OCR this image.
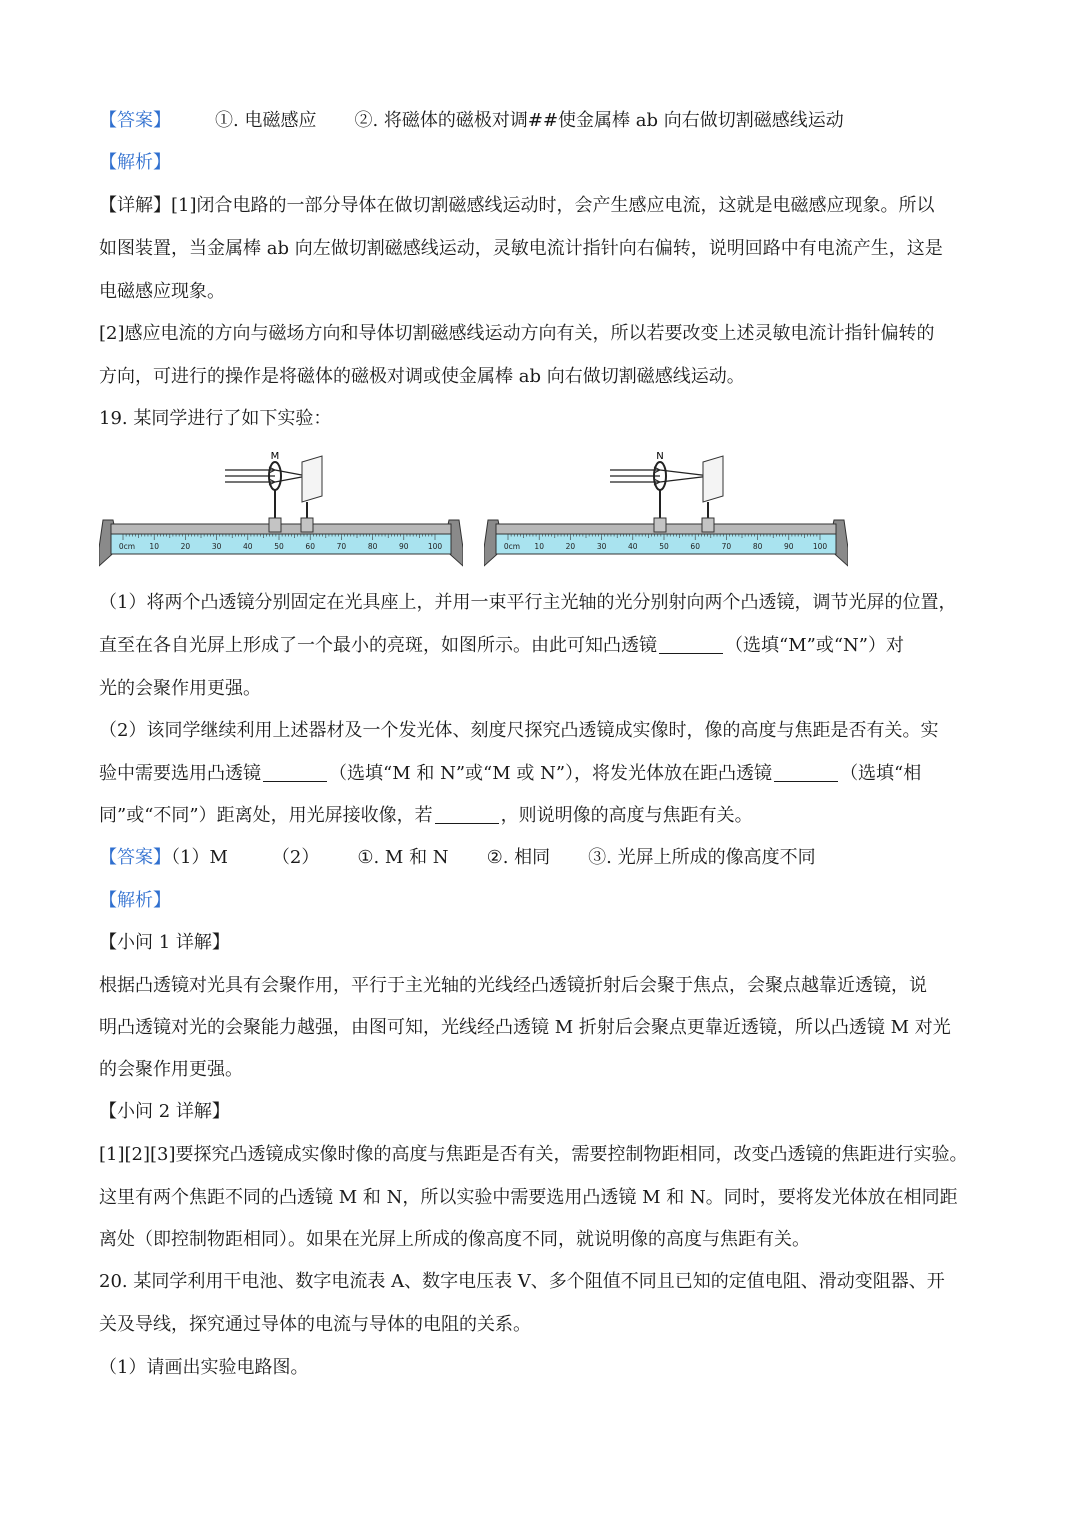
【答案】 ①. 电磁感应 ②. 将磁体的磁极对调##使金属棒 ab 向右做切割磁感线运动
【解析】
【详解】[1]闭合电路的一部分导体在做切割磁感线运动时，会产生感应电流，这就是电磁感应现象。所以
如图装置，当金属棒 ab 向左做切割磁感线运动，灵敏电流计指针向右偏转，说明回路中有电流产生，这是
电磁感应现象。
[2]感应电流的方向与磁场方向和导体切割磁感线运动方向有关，所以若要改变上述灵敏电流计指针偏转的
方向，可进行的操作是将磁体的磁极对调或使金属棒 ab 向右做切割磁感线运动。
19. 某同学进行了如下实验：
0cm 10	20	30	40	50	60	70	80	90	100
M
0cm 10	20	30	40	50	60	70	80	90	100
N
（1）将两个凸透镜分别固定在光具座上，并用一束平行主光轴的光分别射向两个凸透镜，调节光屏的位置，
直至在各自光屏上形成了一个最小的亮斑，如图所示。由此可知凸透镜	（选填“M”或“N”）对
光的会聚作用更强。
（2）该同学继续利用上述器材及一个发光体、刻度尺探究凸透镜成实像时，像的高度与焦距是否有关。实
验中需要选用凸透镜	（选填“M 和 N”或“M 或 N”），将发光体放在距凸透镜	（选填“相
同”或“不同”）距离处，用光屏接收像，若	，则说明像的高度与焦距有关。
【答案】（1）M （2） ①. M 和 N ②. 相同 ③. 光屏上所成的像高度不同
【解析】
【小问 1 详解】
根据凸透镜对光具有会聚作用，平行于主光轴的光线经凸透镜折射后会聚于焦点，会聚点越靠近透镜，说
明凸透镜对光的会聚能力越强，由图可知，光线经凸透镜 M 折射后会聚点更靠近透镜，所以凸透镜 M 对光
的会聚作用更强。
【小问 2 详解】
[1][2][3]要探究凸透镜成实像时像的高度与焦距是否有关，需要控制物距相同，改变凸透镜的焦距进行实验。
这里有两个焦距不同的凸透镜 M 和 N，所以实验中需要选用凸透镜 M 和 N。同时，要将发光体放在相同距
离处（即控制物距相同）。如果在光屏上所成的像高度不同，就说明像的高度与焦距有关。
20. 某同学利用干电池、数字电流表 A、数字电压表 V、多个阻值不同且已知的定值电阻、滑动变阻器、开
关及导线，探究通过导体的电流与导体的电阻的关系。
（1）请画出实验电路图。
